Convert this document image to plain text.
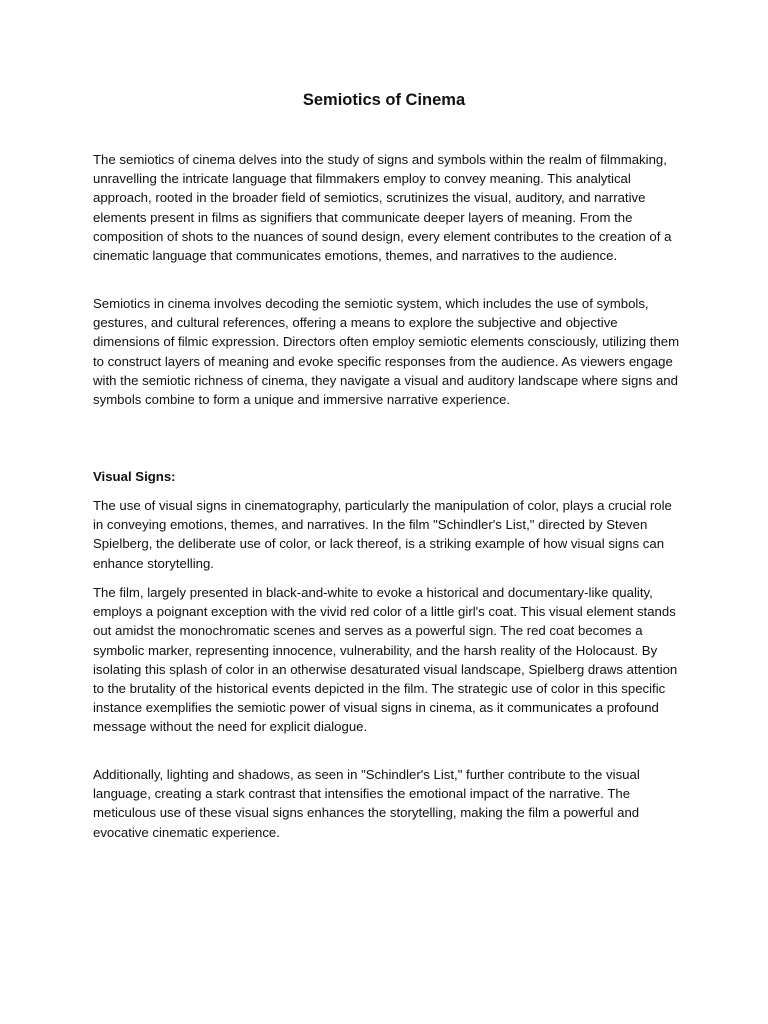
Semiotics of Cinema

The semiotics of cinema delves into the study of signs and symbols within the realm of filmmaking, unravelling the intricate language that filmmakers employ to convey meaning. This analytical approach, rooted in the broader field of semiotics, scrutinizes the visual, auditory, and narrative elements present in films as signifiers that communicate deeper layers of meaning. From the composition of shots to the nuances of sound design, every element contributes to the creation of a cinematic language that communicates emotions, themes, and narratives to the audience.

Semiotics in cinema involves decoding the semiotic system, which includes the use of symbols, gestures, and cultural references, offering a means to explore the subjective and objective dimensions of filmic expression. Directors often employ semiotic elements consciously, utilizing them to construct layers of meaning and evoke specific responses from the audience. As viewers engage with the semiotic richness of cinema, they navigate a visual and auditory landscape where signs and symbols combine to form a unique and immersive narrative experience.

Visual Signs:

The use of visual signs in cinematography, particularly the manipulation of color, plays a crucial role in conveying emotions, themes, and narratives. In the film "Schindler's List," directed by Steven Spielberg, the deliberate use of color, or lack thereof, is a striking example of how visual signs can enhance storytelling.

The film, largely presented in black-and-white to evoke a historical and documentary-like quality, employs a poignant exception with the vivid red color of a little girl's coat. This visual element stands out amidst the monochromatic scenes and serves as a powerful sign. The red coat becomes a symbolic marker, representing innocence, vulnerability, and the harsh reality of the Holocaust. By isolating this splash of color in an otherwise desaturated visual landscape, Spielberg draws attention to the brutality of the historical events depicted in the film. The strategic use of color in this specific instance exemplifies the semiotic power of visual signs in cinema, as it communicates a profound message without the need for explicit dialogue.

Additionally, lighting and shadows, as seen in "Schindler's List," further contribute to the visual language, creating a stark contrast that intensifies the emotional impact of the narrative. The meticulous use of these visual signs enhances the storytelling, making the film a powerful and evocative cinematic experience.
